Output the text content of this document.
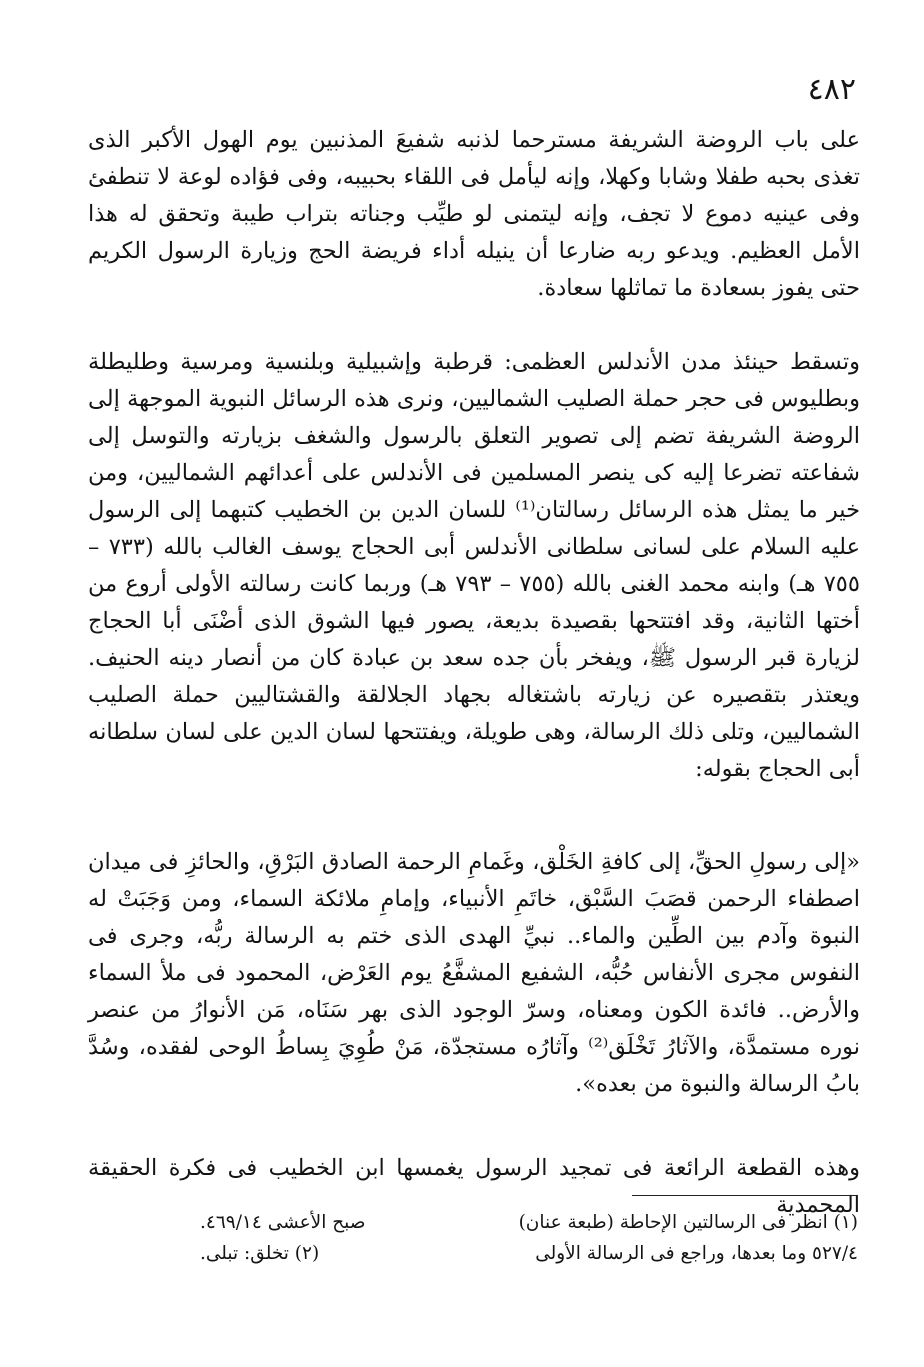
٤٨٢

على باب الروضة الشريفة مسترحما لذنبه شفيعَ المذنبين يوم الهول الأكبر الذى تغذى بحبه طفلا وشابا وكهلا، وإنه ليأمل فى اللقاء بحبيبه، وفى فؤاده لوعة لا تنطفئ وفى عينيه دموع لا تجف، وإنه ليتمنى لو طيِّب وجناته بتراب طيبة وتحقق له هذا الأمل العظيم. ويدعو ربه ضارعا أن ينيله أداء فريضة الحج وزيارة الرسول الكريم حتى يفوز بسعادة ما تماثلها سعادة.

وتسقط حينئذ مدن الأندلس العظمى: قرطبة وإشبيلية وبلنسية ومرسية وطليطلة وبطليوس فى حجر حملة الصليب الشماليين، ونرى هذه الرسائل النبوية الموجهة إلى الروضة الشريفة تضم إلى تصوير التعلق بالرسول والشغف بزيارته والتوسل إلى شفاعته تضرعا إليه كى ينصر المسلمين فى الأندلس على أعدائهم الشماليين، ومن خير ما يمثل هذه الرسائل رسالتان⁽¹⁾ للسان الدين بن الخطيب كتبهما إلى الرسول عليه السلام على لسانى سلطانى الأندلس أبى الحجاج يوسف الغالب بالله (٧٣٣ – ٧٥٥ هـ) وابنه محمد الغنى بالله (٧٥٥ – ٧٩٣ هـ) وربما كانت رسالته الأولى أروع من أختها الثانية، وقد افتتحها بقصيدة بديعة، يصور فيها الشوق الذى أضْنَى أبا الحجاج لزيارة قبر الرسول ﷺ، ويفخر بأن جده سعد بن عبادة كان من أنصار دينه الحنيف. ويعتذر بتقصيره عن زيارته باشتغاله بجهاد الجلالقة والقشتاليين حملة الصليب الشماليين، وتلى ذلك الرسالة، وهى طويلة، ويفتتحها لسان الدين على لسان سلطانه أبى الحجاج بقوله:

«إلى رسولِ الحقِّ، إلى كافةِ الخَلْق، وغَمامِ الرحمة الصادق البَرْقِ، والحائزِ فى ميدان اصطفاء الرحمن قصَبَ السَّبْق، خاتَمِ الأنبياء، وإمامِ ملائكة السماء، ومن وَجَبَتْ له النبوة وآدم بين الطِّين والماء.. نبيِّ الهدى الذى ختم به الرسالة ربُّه، وجرى فى النفوس مجرى الأنفاس حُبُّه، الشفيع المشفَّعُ يوم العَرْض، المحمود فى ملأ السماء والأرض.. فائدة الكون ومعناه، وسرّ الوجود الذى بهر سَنَاه، مَن الأنوارُ من عنصر نوره مستمدَّة، والآثارُ تَخْلَق⁽²⁾ وآثارُه مستجدّة، مَنْ طُوِيَ بِساطُ الوحى لفقده، وسُدَّ بابُ الرسالة والنبوة من بعده».

وهذه القطعة الرائعة فى تمجيد الرسول يغمسها ابن الخطيب فى فكرة الحقيقة المحمدية

(١) انظر فى الرسالتين الإحاطة (طبعة عنان)
صبح الأعشى ٤٦٩/١٤.
٥٢٧/٤ وما بعدها، وراجع فى الرسالة الأولى
(٢) تخلق: تبلى.
